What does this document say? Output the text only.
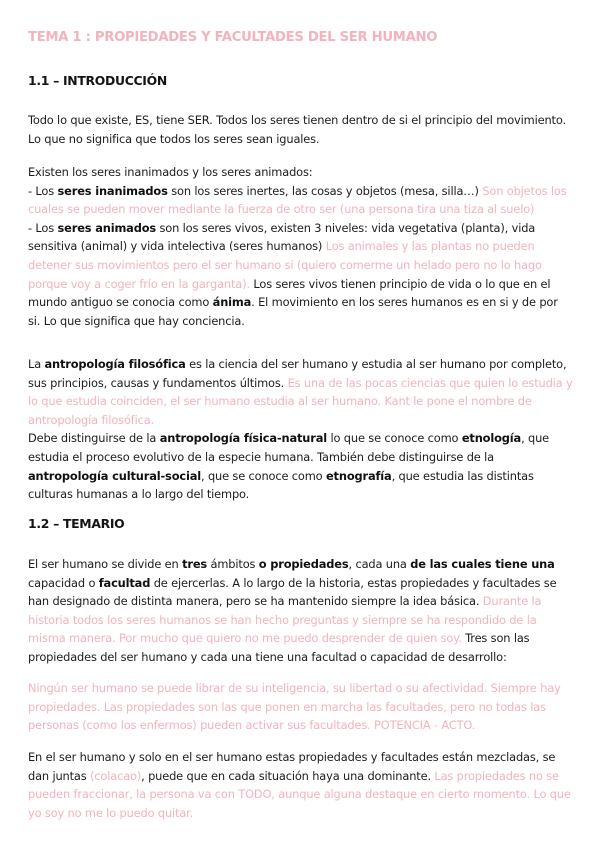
TEMA 1 : PROPIEDADES Y FACULTADES DEL SER HUMANO
1.1 – INTRODUCCIÓN

Todo lo que existe, ES, tiene SER. Todos los seres tienen dentro de si el principio del movimiento. Lo que no significa que todos los seres sean iguales.

Existen los seres inanimados y los seres animados:
- Los seres inanimados son los seres inertes, las cosas y objetos (mesa, silla…) Son objetos los cuales se pueden mover mediante la fuerza de otro ser (una persona tira una tiza al suelo)
- Los seres animados son los seres vivos, existen 3 niveles: vida vegetativa (planta), vida sensitiva (animal) y vida intelectiva (seres humanos) Los animales y las plantas no pueden detener sus movimientos pero el ser humano si (quiero comerme un helado pero no lo hago porque voy a coger frío en la garganta). Los seres vivos tienen principio de vida o lo que en el mundo antiguo se conocia como ánima. El movimiento en los seres humanos es en si y de por si. Lo que significa que hay conciencia.

La antropología filosófica es la ciencia del ser humano y estudia al ser humano por completo, sus principios, causas y fundamentos últimos. Es una de las pocas ciencias que quien lo estudia y lo que estudia coinciden, el ser humano estudia al ser humano. Kant le pone el nombre de antropología filosófica.
Debe distinguirse de la antropología física-natural lo que se conoce como etnología, que estudia el proceso evolutivo de la especie humana. También debe distinguirse de la antropología cultural-social, que se conoce como etnografía, que estudia las distintas culturas humanas a lo largo del tiempo.

1.2 – TEMARIO

El ser humano se divide en tres ámbitos o propiedades, cada una de las cuales tiene una capacidad o facultad de ejercerlas. A lo largo de la historia, estas propiedades y facultades se han designado de distinta manera, pero se ha mantenido siempre la idea básica. Durante la historia todos los seres humanos se han hecho preguntas y siempre se ha respondido de la misma manera. Por mucho que quiero no me puedo desprender de quien soy. Tres son las propiedades del ser humano y cada una tiene una facultad o capacidad de desarrollo:

Ningún ser humano se puede librar de su inteligencia, su libertad o su afectividad. Siempre hay propiedades. Las propiedades son las que ponen en marcha las facultades, pero no todas las personas (como los enfermos) pueden activar sus facultades. POTENCIA - ACTO.

En el ser humano y solo en el ser humano estas propiedades y facultades están mezcladas, se dan juntas (colacao), puede que en cada situación haya una dominante. Las propiedades no se pueden fraccionar, la persona va con TODO, aunque alguna destaque en cierto momento. Lo que yo soy no me lo puedo quitar.
